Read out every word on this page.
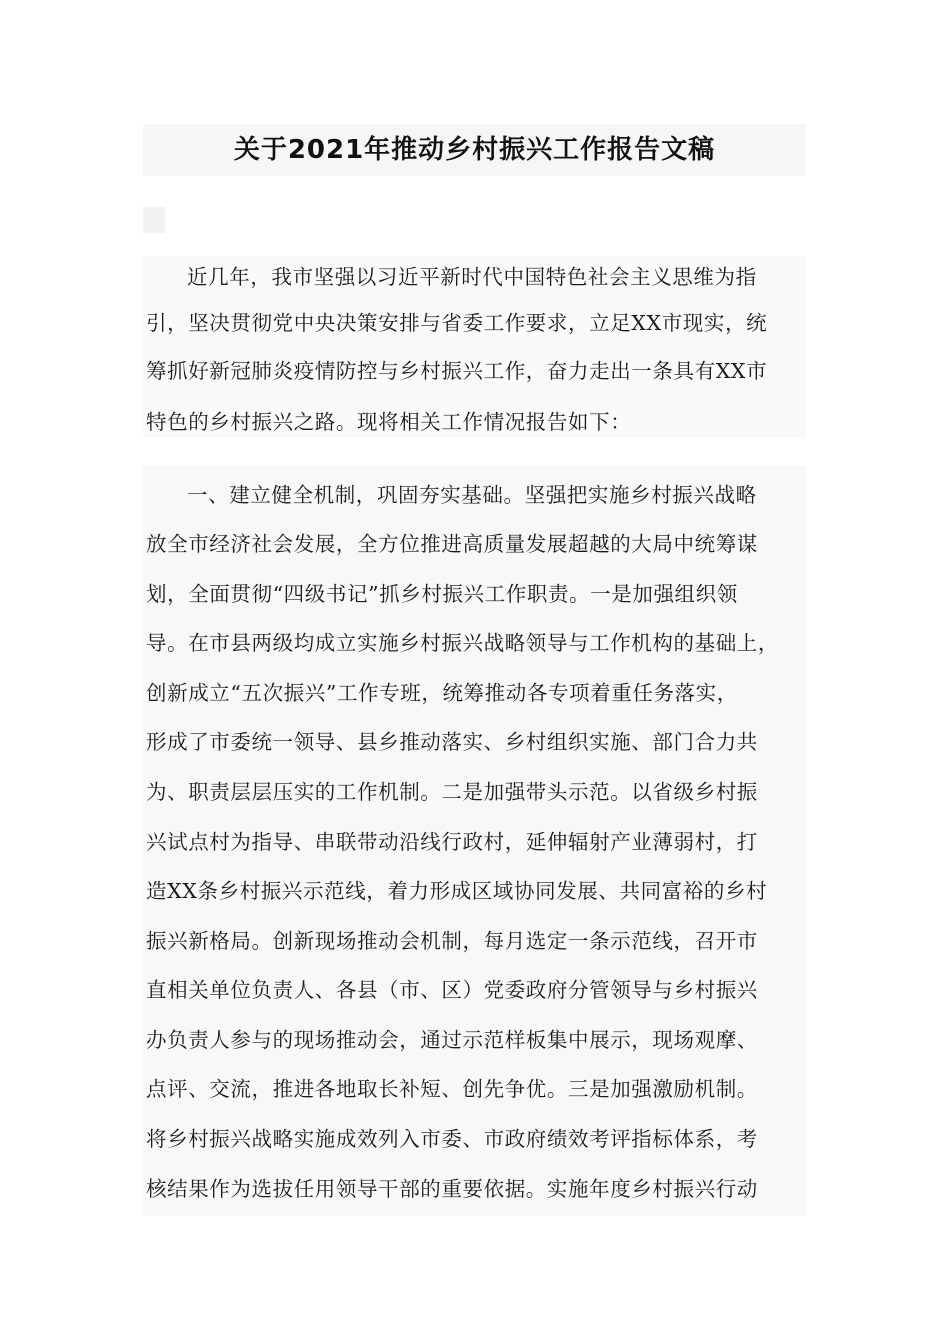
关于2021年推动乡村振兴工作报告文稿

近几年，我市坚强以习近平新时代中国特色社会主义思维为指

引，坚决贯彻党中央决策安排与省委工作要求，立足XX市现实，统

筹抓好新冠肺炎疫情防控与乡村振兴工作，奋力走出一条具有XX市

特色的乡村振兴之路。现将相关工作情况报告如下：

一、建立健全机制，巩固夯实基础。坚强把实施乡村振兴战略

放全市经济社会发展，全方位推进高质量发展超越的大局中统筹谋

划，全面贯彻“四级书记”抓乡村振兴工作职责。一是加强组织领

导。在市县两级均成立实施乡村振兴战略领导与工作机构的基础上，

创新成立“五次振兴”工作专班，统筹推动各专项着重任务落实，

形成了市委统一领导、县乡推动落实、乡村组织实施、部门合力共

为、职责层层压实的工作机制。二是加强带头示范。以省级乡村振

兴试点村为指导、串联带动沿线行政村，延伸辐射产业薄弱村，打

造XX条乡村振兴示范线，着力形成区域协同发展、共同富裕的乡村

振兴新格局。创新现场推动会机制，每月选定一条示范线，召开市

直相关单位负责人、各县（市、区）党委政府分管领导与乡村振兴

办负责人参与的现场推动会，通过示范样板集中展示，现场观摩、

点评、交流，推进各地取长补短、创先争优。三是加强激励机制。

将乡村振兴战略实施成效列入市委、市政府绩效考评指标体系，考

核结果作为选拔任用领导干部的重要依据。实施年度乡村振兴行动
